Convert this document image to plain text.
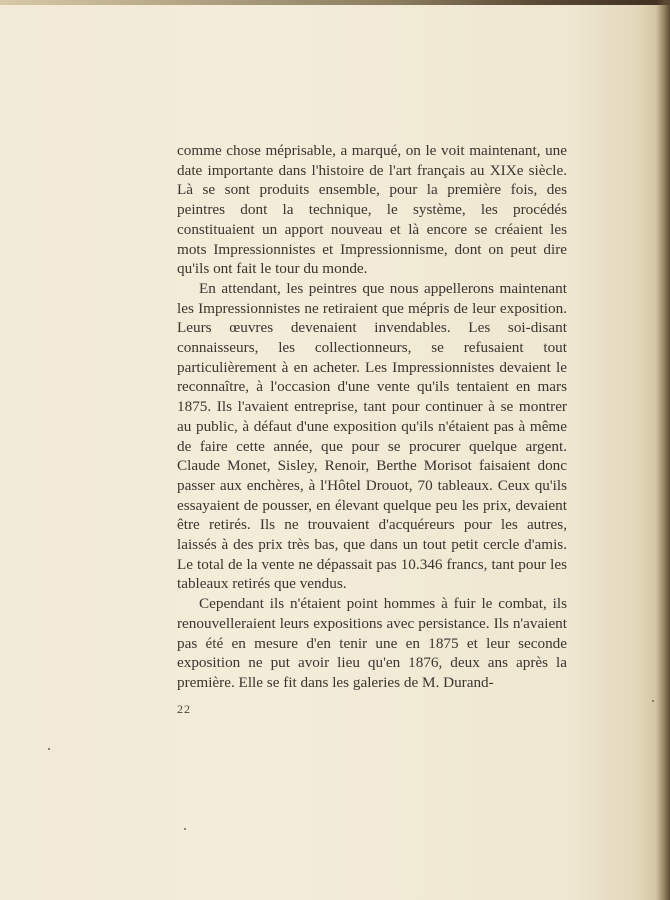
comme chose méprisable, a marqué, on le voit maintenant, une date importante dans l'histoire de l'art français au XIXe siècle. Là se sont produits ensemble, pour la première fois, des peintres dont la technique, le système, les procédés constituaient un apport nouveau et là encore se créaient les mots Impressionnistes et Impressionnisme, dont on peut dire qu'ils ont fait le tour du monde.

En attendant, les peintres que nous appellerons maintenant les Impressionnistes ne retiraient que mépris de leur exposition. Leurs œuvres devenaient invendables. Les soi-disant connaisseurs, les collectionneurs, se refusaient tout particulièrement à en acheter. Les Impressionnistes devaient le reconnaître, à l'occasion d'une vente qu'ils tentaient en mars 1875. Ils l'avaient entreprise, tant pour continuer à se montrer au public, à défaut d'une exposition qu'ils n'étaient pas à même de faire cette année, que pour se procurer quelque argent. Claude Monet, Sisley, Renoir, Berthe Morisot faisaient donc passer aux enchères, à l'Hôtel Drouot, 70 tableaux. Ceux qu'ils essayaient de pousser, en élevant quelque peu les prix, devaient être retirés. Ils ne trouvaient d'acquéreurs pour les autres, laissés à des prix très bas, que dans un tout petit cercle d'amis. Le total de la vente ne dépassait pas 10.346 francs, tant pour les tableaux retirés que vendus.

Cependant ils n'étaient point hommes à fuir le combat, ils renouvelleraient leurs expositions avec persistance. Ils n'avaient pas été en mesure d'en tenir une en 1875 et leur seconde exposition ne put avoir lieu qu'en 1876, deux ans après la première. Elle se fit dans les galeries de M. Durand-

22
